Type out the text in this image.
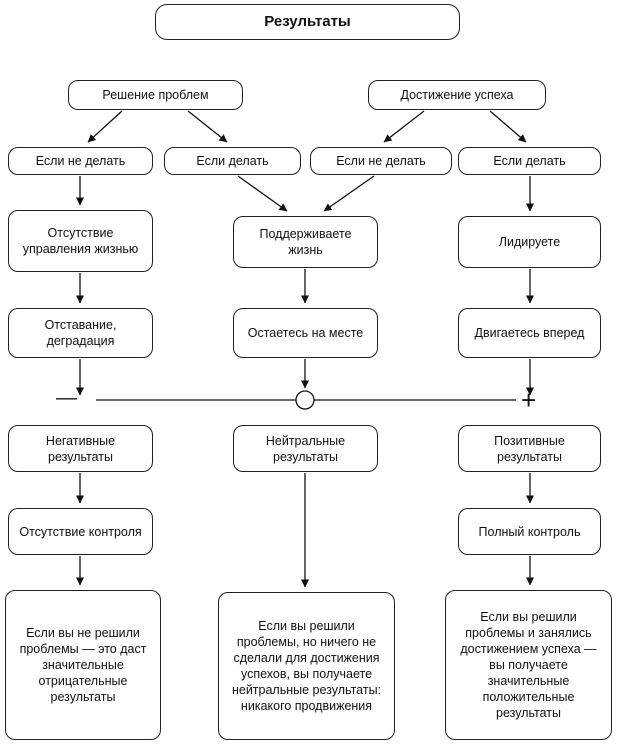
—	+
Результаты
Решение проблем	Достижение успеха
Если не делать	Если делать	Если не делать	Если делать
Отсутствие управления жизнью
Поддерживаете жизнь
Лидируете
Отставание, деградация
Остаетесь на месте	Двигаетесь вперед
Негативные результаты
Нейтральные результаты
Позитивные результаты
Отсутствие контроля	Полный контроль
Если вы не решили проблемы — это даст значительные отрицательные результаты
Если вы решили проблемы, но ничего не сделали для достижения успехов, вы получаете нейтральные результаты: никакого продвижения
Если вы решили проблемы и занялись достижением успеха — вы получаете значительные положительные результаты
